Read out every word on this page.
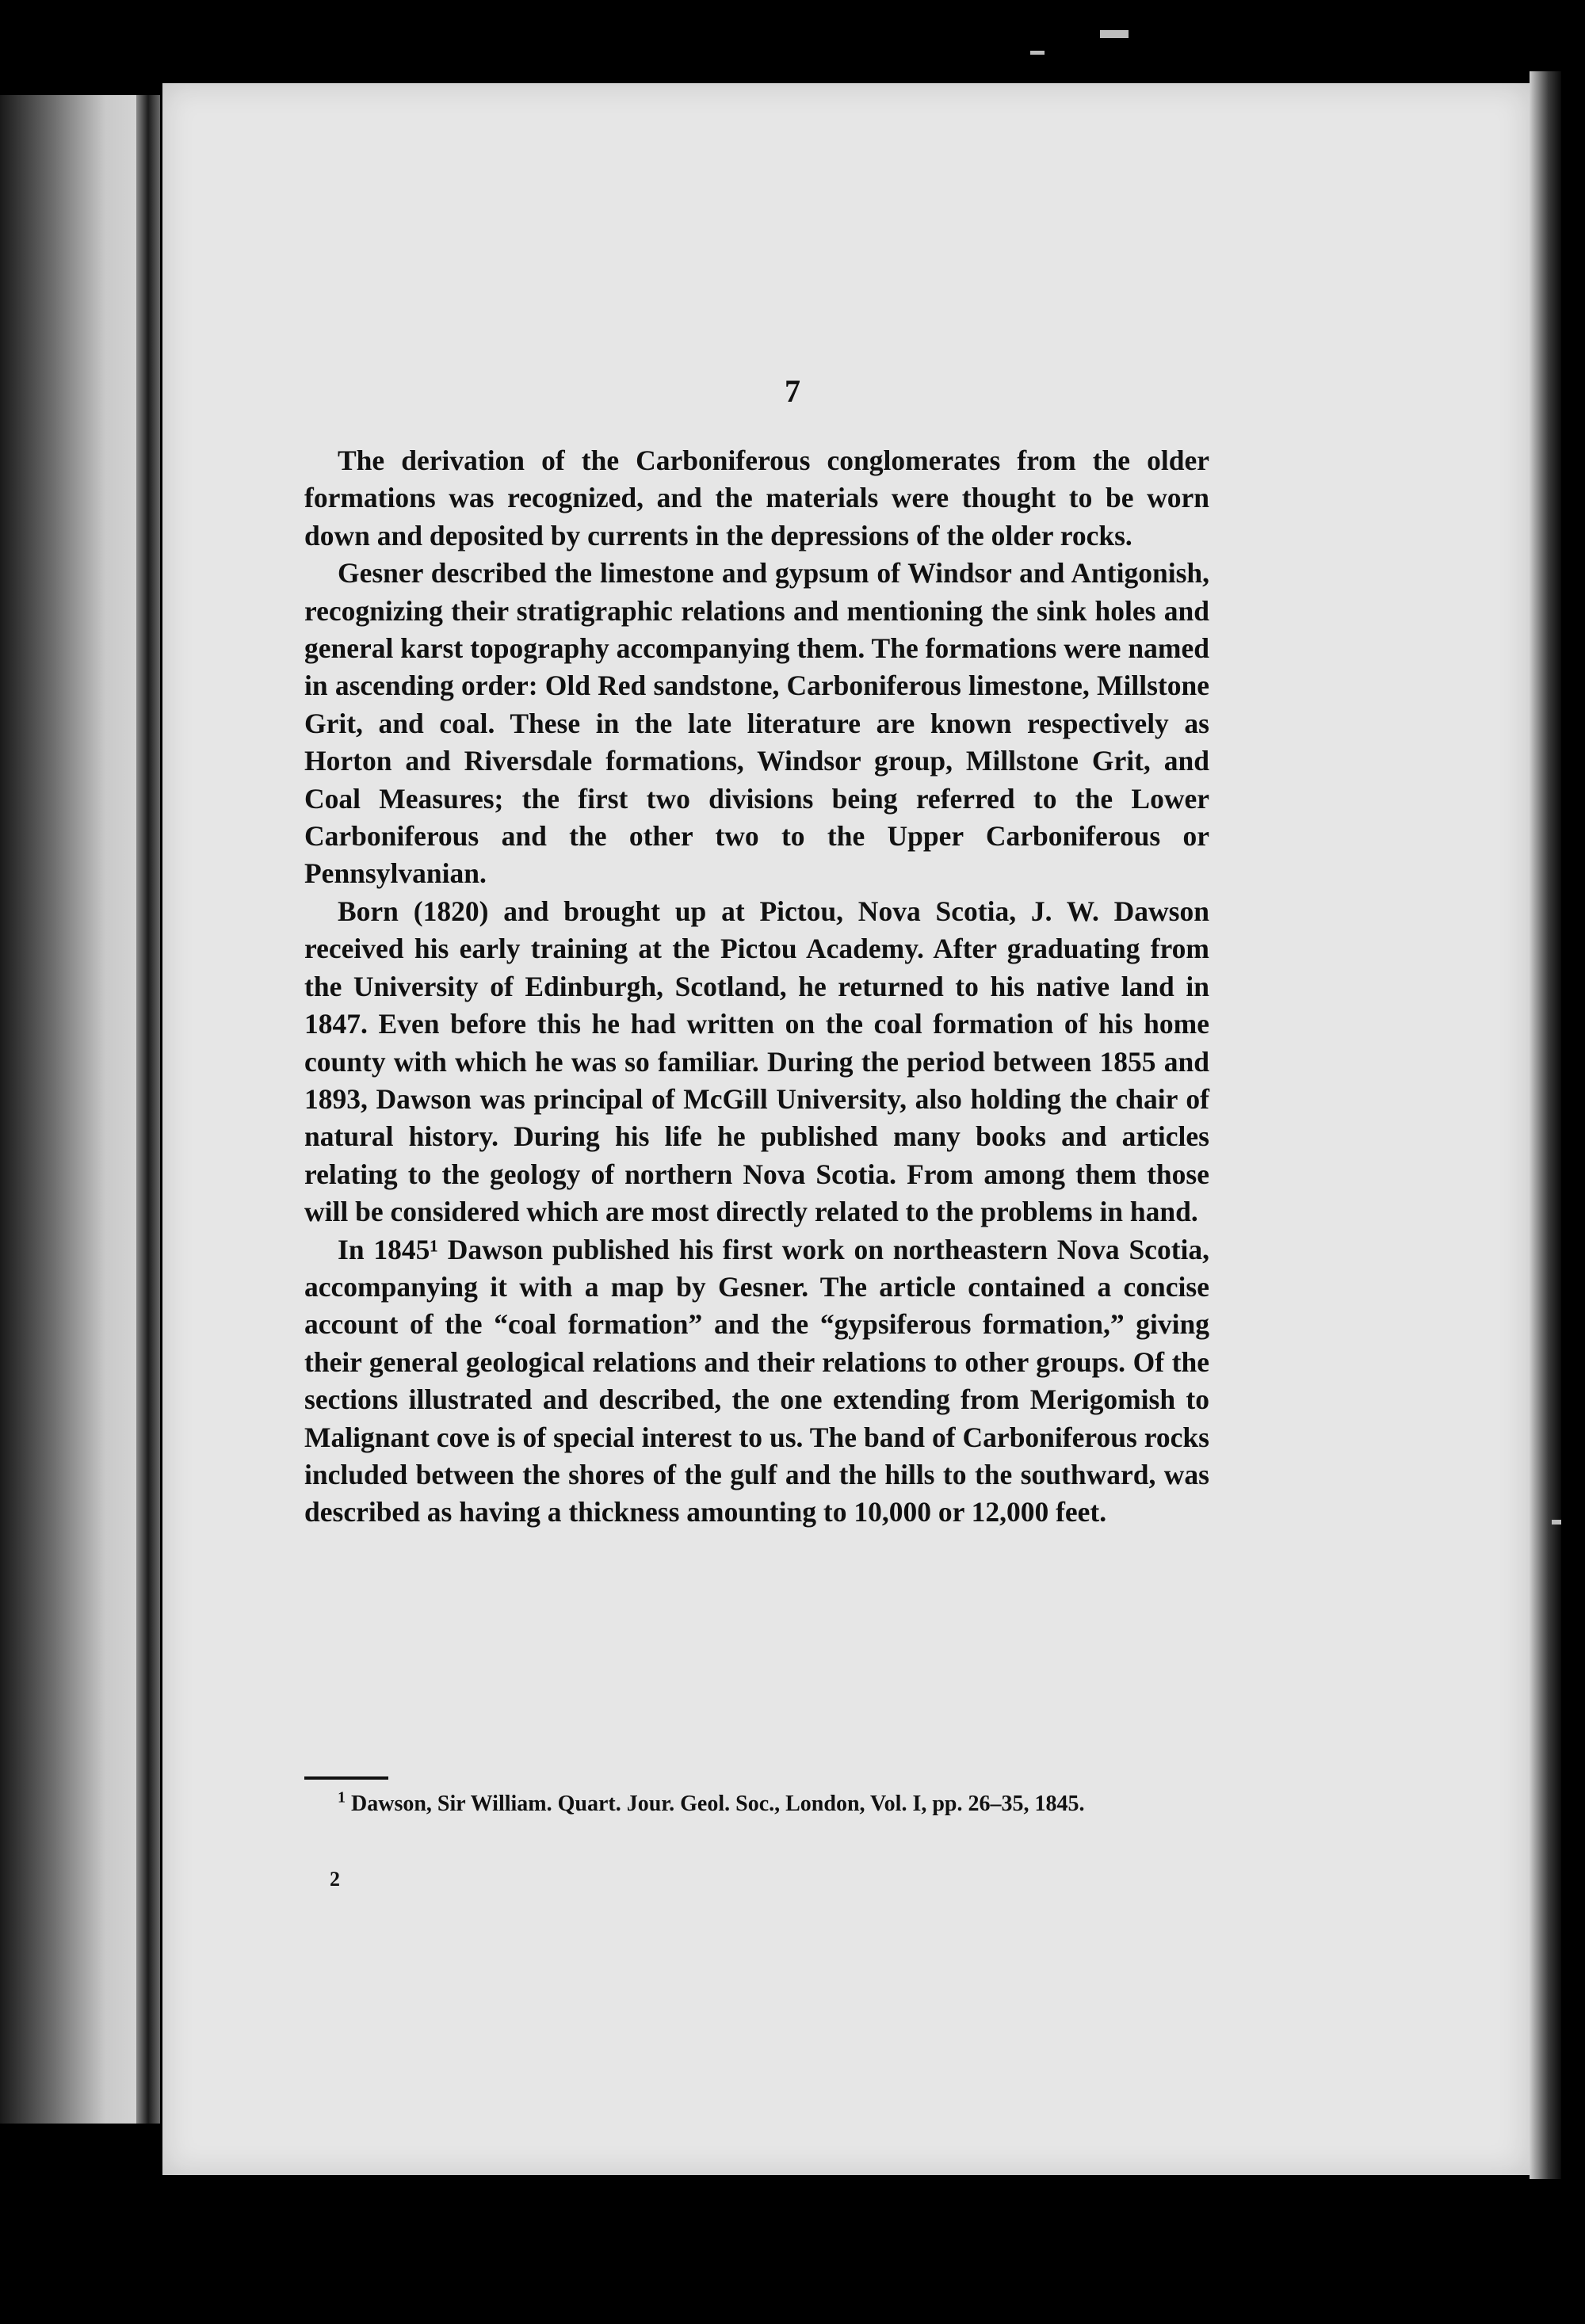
7

The derivation of the Carboniferous conglomerates from the older formations was recognized, and the materials were thought to be worn down and deposited by currents in the depressions of the older rocks.

Gesner described the limestone and gypsum of Windsor and Antigonish, recognizing their stratigraphic relations and mentioning the sink holes and general karst topography accompanying them. The formations were named in ascending order: Old Red sandstone, Carboniferous limestone, Millstone Grit, and coal. These in the late literature are known respectively as Horton and Riversdale formations, Windsor group, Millstone Grit, and Coal Measures; the first two divisions being referred to the Lower Carboniferous and the other two to the Upper Carboniferous or Pennsylvanian.

Born (1820) and brought up at Pictou, Nova Scotia, J. W. Dawson received his early training at the Pictou Academy. After graduating from the University of Edinburgh, Scotland, he returned to his native land in 1847. Even before this he had written on the coal formation of his home county with which he was so familiar. During the period between 1855 and 1893, Dawson was principal of McGill University, also holding the chair of natural history. During his life he published many books and articles relating to the geology of northern Nova Scotia. From among them those will be considered which are most directly related to the problems in hand.

In 1845¹ Dawson published his first work on northeastern Nova Scotia, accompanying it with a map by Gesner. The article contained a concise account of the “coal formation” and the “gypsiferous formation,” giving their general geological relations and their relations to other groups. Of the sections illustrated and described, the one extending from Merigomish to Malignant cove is of special interest to us. The band of Carboniferous rocks included between the shores of the gulf and the hills to the southward, was described as having a thickness amounting to 10,000 or 12,000 feet.

$^1$ Dawson, Sir William. Quart. Jour. Geol. Soc., London, Vol. I, pp. 26–35, 1845.

2
